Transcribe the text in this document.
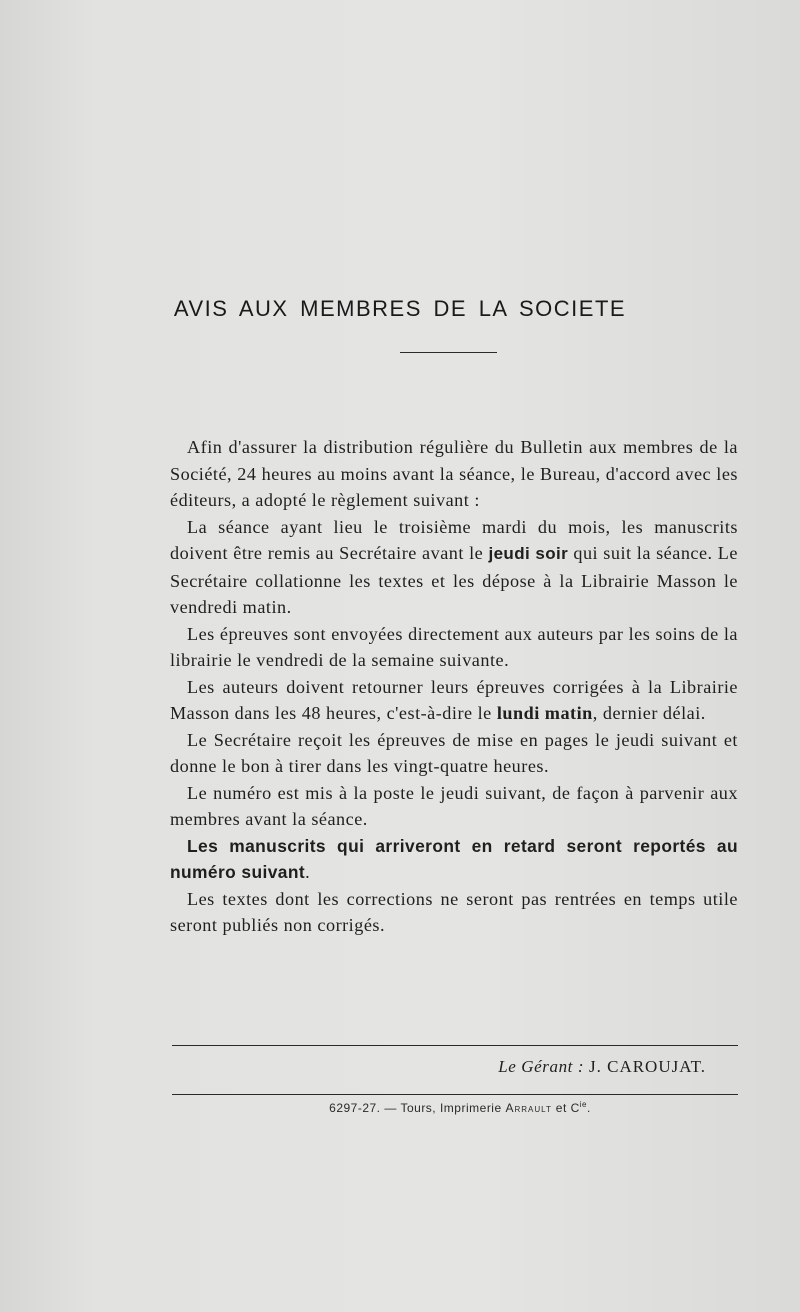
AVIS AUX MEMBRES DE LA SOCIETE

Afin d'assurer la distribution régulière du Bulletin aux membres de la Société, 24 heures au moins avant la séance, le Bureau, d'accord avec les éditeurs, a adopté le règlement suivant :

La séance ayant lieu le troisième mardi du mois, les manuscrits doivent être remis au Secrétaire avant le jeudi soir qui suit la séance. Le Secrétaire collationne les textes et les dépose à la Librairie Masson le vendredi matin.

Les épreuves sont envoyées directement aux auteurs par les soins de la librairie le vendredi de la semaine suivante.

Les auteurs doivent retourner leurs épreuves corrigées à la Librairie Masson dans les 48 heures, c'est-à-dire le lundi matin, dernier délai.

Le Secrétaire reçoit les épreuves de mise en pages le jeudi suivant et donne le bon à tirer dans les vingt-quatre heures.

Le numéro est mis à la poste le jeudi suivant, de façon à parvenir aux membres avant la séance.

Les manuscrits qui arriveront en retard seront reportés au numéro suivant.

Les textes dont les corrections ne seront pas rentrées en temps utile seront publiés non corrigés.

Le Gérant : J. CAROUJAT.
6297-27. — Tours, Imprimerie Arrault et $C^{ie}$.
